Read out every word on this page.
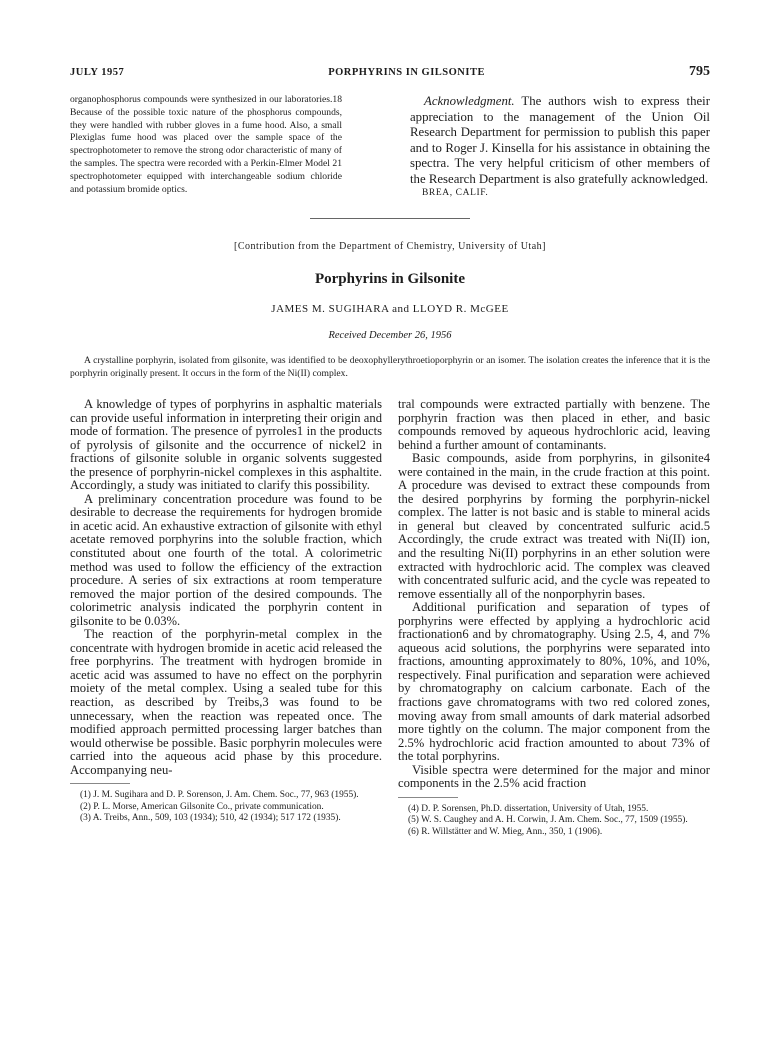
JULY 1957	PORPHYRINS IN GILSONITE	795
organophosphorus compounds were synthesized in our laboratories.18 Because of the possible toxic nature of the phosphorus compounds, they were handled with rubber gloves in a fume hood. Also, a small Plexiglas fume hood was placed over the sample space of the spectrophotometer to remove the strong odor characteristic of many of the samples. The spectra were recorded with a Perkin-Elmer Model 21 spectrophotometer equipped with interchangeable sodium chloride and potassium bromide optics.
Acknowledgment. The authors wish to express their appreciation to the management of the Union Oil Research Department for permission to publish this paper and to Roger J. Kinsella for his assistance in obtaining the spectra. The very helpful criticism of other members of the Research Department is also gratefully acknowledged.
BREA, CALIF.
[Contribution from the Department of Chemistry, University of Utah]
Porphyrins in Gilsonite
JAMES M. SUGIHARA and LLOYD R. McGEE
Received December 26, 1956
A crystalline porphyrin, isolated from gilsonite, was identified to be deoxophyllerythroetioporphyrin or an isomer. The isolation creates the inference that it is the porphyrin originally present. It occurs in the form of the Ni(II) complex.

A knowledge of types of porphyrins in asphaltic materials can provide useful information in interpreting their origin and mode of formation. The presence of pyrroles1 in the products of pyrolysis of gilsonite and the occurrence of nickel2 in fractions of gilsonite soluble in organic solvents suggested the presence of porphyrin-nickel complexes in this asphaltite. Accordingly, a study was initiated to clarify this possibility.

A preliminary concentration procedure was found to be desirable to decrease the requirements for hydrogen bromide in acetic acid. An exhaustive extraction of gilsonite with ethyl acetate removed porphyrins into the soluble fraction, which constituted about one fourth of the total. A colorimetric method was used to follow the efficiency of the extraction procedure. A series of six extractions at room temperature removed the major portion of the desired compounds. The colorimetric analysis indicated the porphyrin content in gilsonite to be 0.03%.

The reaction of the porphyrin-metal complex in the concentrate with hydrogen bromide in acetic acid released the free porphyrins. The treatment with hydrogen bromide in acetic acid was assumed to have no effect on the porphyrin moiety of the metal complex. Using a sealed tube for this reaction, as described by Treibs,3 was found to be unnecessary, when the reaction was repeated once. The modified approach permitted processing larger batches than would otherwise be possible. Basic porphyrin molecules were carried into the aqueous acid phase by this procedure. Accompanying neu-

(1) J. M. Sugihara and D. P. Sorenson, J. Am. Chem. Soc., 77, 963 (1955).

(2) P. L. Morse, American Gilsonite Co., private communication.

(3) A. Treibs, Ann., 509, 103 (1934); 510, 42 (1934); 517 172 (1935).

tral compounds were extracted partially with benzene. The porphyrin fraction was then placed in ether, and basic compounds removed by aqueous hydrochloric acid, leaving behind a further amount of contaminants.

Basic compounds, aside from porphyrins, in gilsonite4 were contained in the main, in the crude fraction at this point. A procedure was devised to extract these compounds from the desired porphyrins by forming the porphyrin-nickel complex. The latter is not basic and is stable to mineral acids in general but cleaved by concentrated sulfuric acid.5 Accordingly, the crude extract was treated with Ni(II) ion, and the resulting Ni(II) porphyrins in an ether solution were extracted with hydrochloric acid. The complex was cleaved with concentrated sulfuric acid, and the cycle was repeated to remove essentially all of the nonporphyrin bases.

Additional purification and separation of types of porphyrins were effected by applying a hydrochloric acid fractionation6 and by chromatography. Using 2.5, 4, and 7% aqueous acid solutions, the porphyrins were separated into fractions, amounting approximately to 80%, 10%, and 10%, respectively. Final purification and separation were achieved by chromatography on calcium carbonate. Each of the fractions gave chromatograms with two red colored zones, moving away from small amounts of dark material adsorbed more tightly on the column. The major component from the 2.5% hydrochloric acid fraction amounted to about 73% of the total porphyrins.

Visible spectra were determined for the major and minor components in the 2.5% acid fraction

(4) D. P. Sorensen, Ph.D. dissertation, University of Utah, 1955.

(5) W. S. Caughey and A. H. Corwin, J. Am. Chem. Soc., 77, 1509 (1955).

(6) R. Willstätter and W. Mieg, Ann., 350, 1 (1906).
